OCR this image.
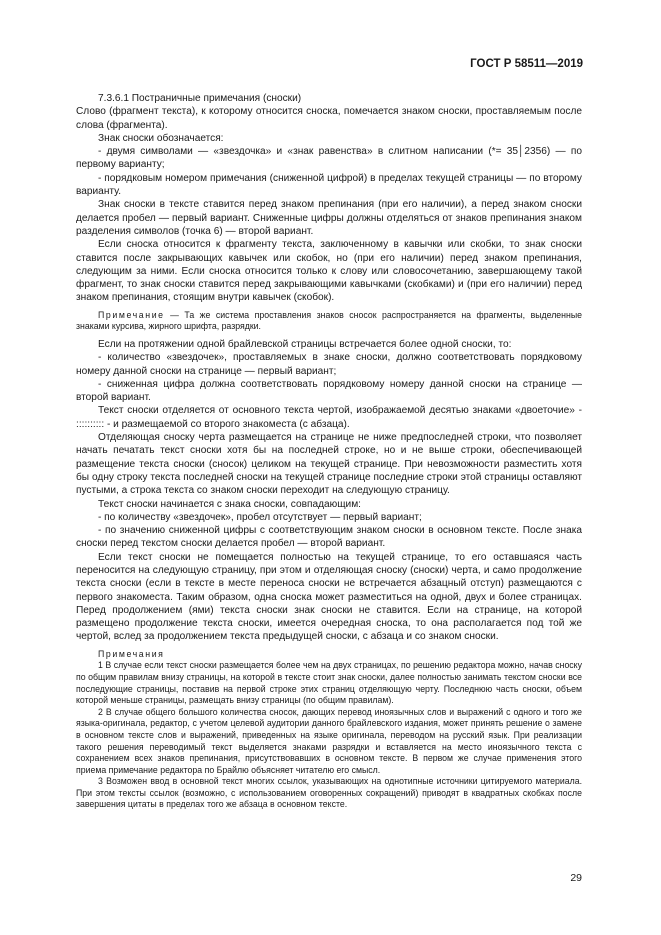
ГОСТ Р 58511—2019

7.3.6.1 Постраничные примечания (сноски)

Слово (фрагмент текста), к которому относится сноска, помечается знаком сноски, проставляемым после слова (фрагмента).

Знак сноски обозначается:

- двумя символами — «звездочка» и «знак равенства» в слитном написании (*= 35│2356) — по первому варианту;

- порядковым номером примечания (сниженной цифрой) в пределах текущей страницы — по второму варианту.

Знак сноски в тексте ставится перед знаком препинания (при его наличии), а перед знаком сноски делается пробел — первый вариант. Сниженные цифры должны отделяться от знаков препинания знаком разделения символов (точка 6) — второй вариант.

Если сноска относится к фрагменту текста, заключенному в кавычки или скобки, то знак сноски ставится после закрывающих кавычек или скобок, но (при его наличии) перед знаком препинания, следующим за ними. Если сноска относится только к слову или словосочетанию, завершающему такой фрагмент, то знак сноски ставится перед закрывающими кавычками (скобками) и (при его наличии) перед знаком препинания, стоящим внутри кавычек (скобок).

Примечание — Та же система проставления знаков сносок распространяется на фрагменты, выделенные знаками курсива, жирного шрифта, разрядки.

Если на протяжении одной брайлевской страницы встречается более одной сноски, то:

- количество «звездочек», проставляемых в знаке сноски, должно соответствовать порядковому номеру данной сноски на странице — первый вариант;

- сниженная цифра должна соответствовать порядковому номеру данной сноски на странице — второй вариант.

Текст сноски отделяется от основного текста чертой, изображаемой десятью знаками «двоеточие» - :::::::::: - и размещаемой со второго знакоместа (с абзаца).

Отделяющая сноску черта размещается на странице не ниже предпоследней строки, что позволяет начать печатать текст сноски хотя бы на последней строке, но и не выше строки, обеспечивающей размещение текста сноски (сносок) целиком на текущей странице. При невозможности разместить хотя бы одну строку текста последней сноски на текущей странице последние строки этой страницы оставляют пустыми, а строка текста со знаком сноски переходит на следующую страницу.

Текст сноски начинается с знака сноски, совпадающим:

- по количеству «звездочек», пробел отсутствует — первый вариант;

- по значению сниженной цифры с соответствующим знаком сноски в основном тексте. После знака сноски перед текстом сноски делается пробел — второй вариант.

Если текст сноски не помещается полностью на текущей странице, то его оставшаяся часть переносится на следующую страницу, при этом и отделяющая сноску (сноски) черта, и само продолжение текста сноски (если в тексте в месте переноса сноски не встречается абзацный отступ) размещаются с первого знакоместа. Таким образом, одна сноска может разместиться на одной, двух и более страницах. Перед продолжением (ями) текста сноски знак сноски не ставится. Если на странице, на которой размещено продолжение текста сноски, имеется очередная сноска, то она располагается под той же чертой, вслед за продолжением текста предыдущей сноски, с абзаца и со знаком сноски.

Примечания

1 В случае если текст сноски размещается более чем на двух страницах, по решению редактора можно, начав сноску по общим правилам внизу страницы, на которой в тексте стоит знак сноски, далее полностью занимать текстом сноски все последующие страницы, поставив на первой строке этих страниц отделяющую черту. Последнюю часть сноски, объем которой меньше страницы, размещать внизу страницы (по общим правилам).

2 В случае общего большого количества сносок, дающих перевод иноязычных слов и выражений с одного и того же языка-оригинала, редактор, с учетом целевой аудитории данного брайлевского издания, может принять решение о замене в основном тексте слов и выражений, приведенных на языке оригинала, переводом на русский язык. При реализации такого решения переводимый текст выделяется знаками разрядки и вставляется на место иноязычного текста с сохранением всех знаков препинания, присутствовавших в основном тексте. В первом же случае применения этого приема примечание редактора по Брайлю объясняет читателю его смысл.

3 Возможен ввод в основной текст многих ссылок, указывающих на однотипные источники цитируемого материала. При этом тексты ссылок (возможно, с использованием оговоренных сокращений) приводят в квадратных скобках после завершения цитаты в пределах того же абзаца в основном тексте.

29
